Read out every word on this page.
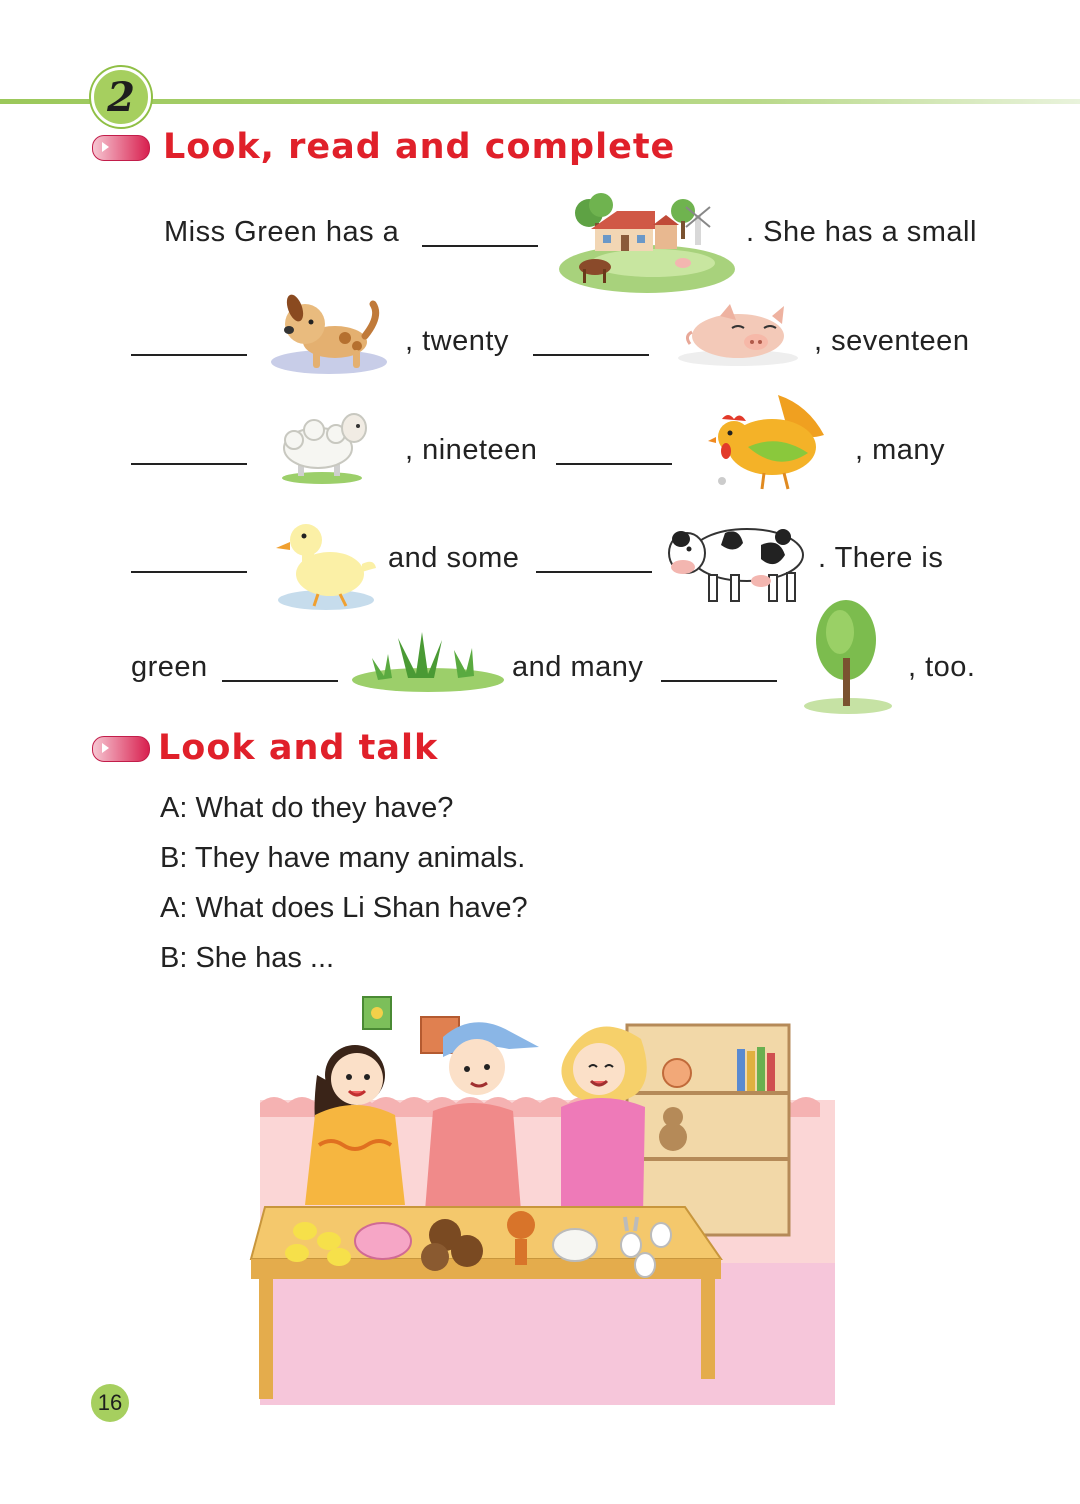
2
Look, read and complete
Miss Green has a	. She has a small
, twenty	, seventeen
, nineteen	, many
and some	. There is
green	and many	, too.
Look and talk
A: What do they have?
B: They have many animals.
A: What does Li Shan have?
B: She has ...
16
